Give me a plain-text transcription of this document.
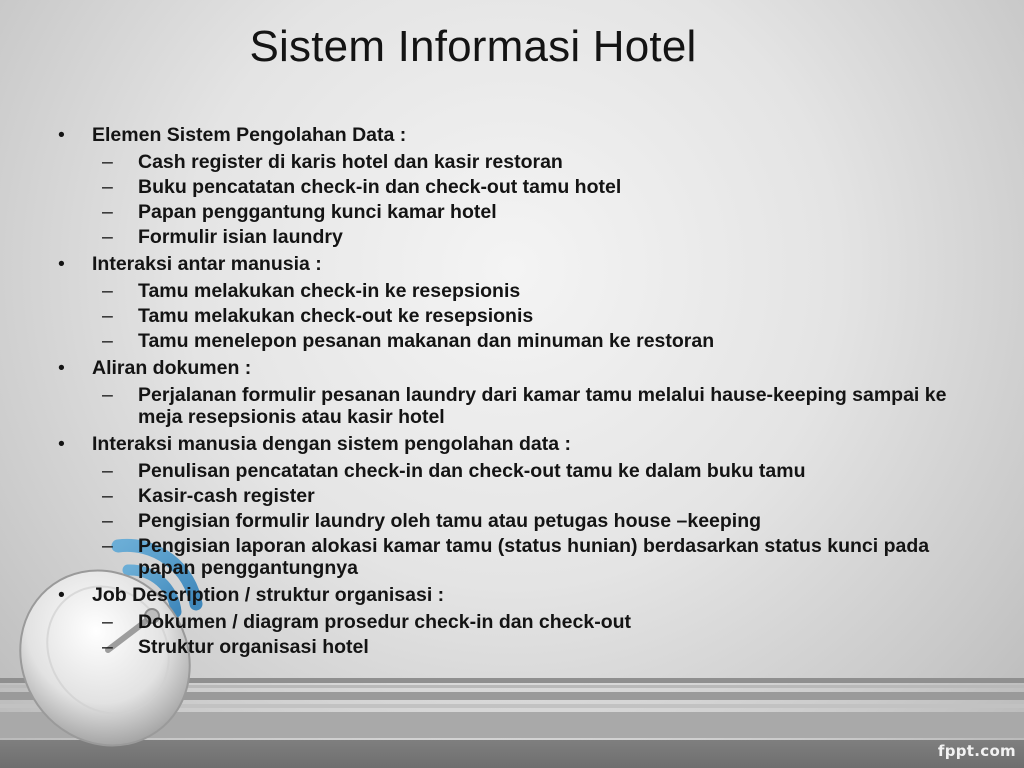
Sistem Informasi Hotel
• Elemen Sistem Pengolahan Data :
– Cash register di karis hotel dan kasir restoran
– Buku pencatatan check-in dan check-out tamu hotel
– Papan penggantung kunci kamar hotel
– Formulir isian laundry
• Interaksi antar manusia :
– Tamu melakukan check-in ke resepsionis
– Tamu melakukan check-out ke resepsionis
– Tamu menelepon pesanan makanan dan minuman ke restoran
• Aliran dokumen :
– Perjalanan formulir pesanan laundry dari kamar tamu melalui hause-keeping sampai ke meja resepsionis atau kasir hotel
• Interaksi manusia dengan sistem pengolahan data :
– Penulisan pencatatan check-in dan check-out tamu ke dalam buku tamu
– Kasir-cash register
– Pengisian formulir laundry oleh tamu atau petugas house –keeping
– Pengisian laporan alokasi kamar tamu (status hunian) berdasarkan status kunci pada papan penggantungnya
• Job Description / struktur organisasi :
– Dokumen / diagram prosedur check-in dan check-out
– Struktur organisasi hotel
fppt.com
